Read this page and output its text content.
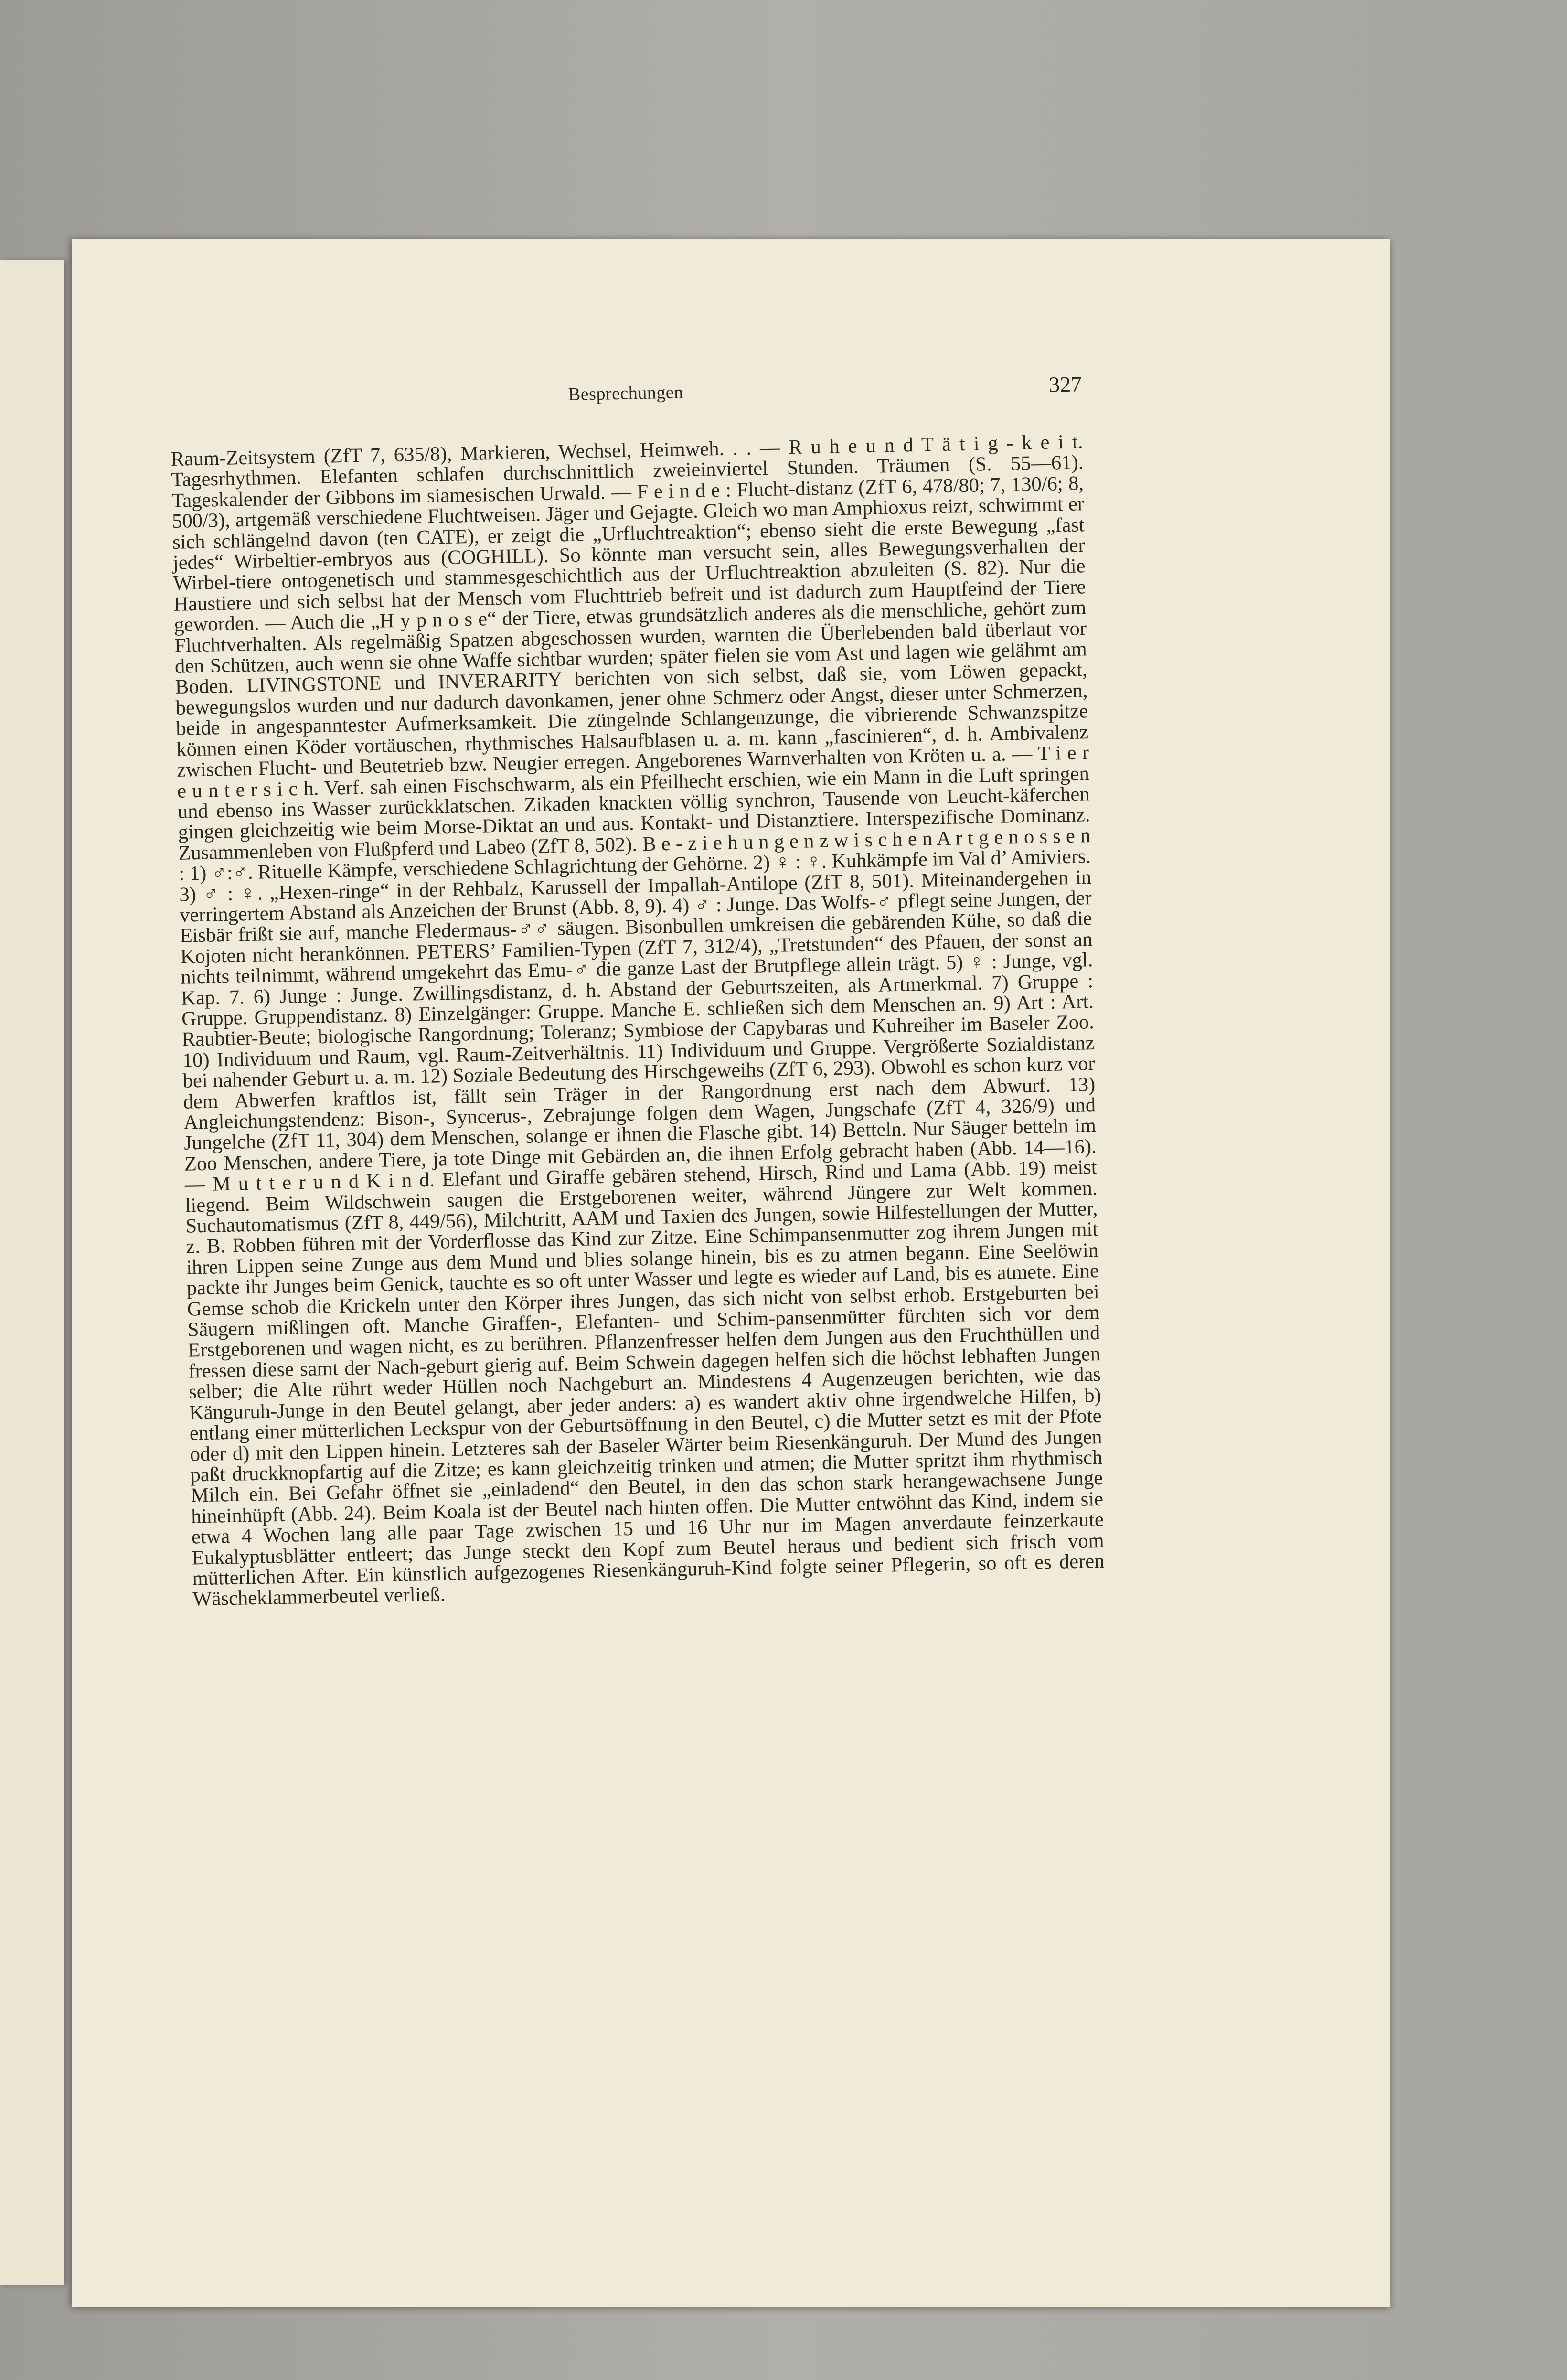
Besprechungen	327
Raum-Zeitsystem (ZfT 7, 635/8), Markieren, Wechsel, Heimweh. . . — R u h e u n d T ä t i g - k e i t. Tagesrhythmen. Elefanten schlafen durchschnittlich zweieinviertel Stunden. Träumen (S. 55—61). Tageskalender der Gibbons im siamesischen Urwald. — F e i n d e : Flucht-distanz (ZfT 6, 478/80; 7, 130/6; 8, 500/3), artgemäß verschiedene Fluchtweisen. Jäger und Gejagte. Gleich wo man Amphioxus reizt, schwimmt er sich schlängelnd davon (ten CATE), er zeigt die „Urfluchtreaktion“; ebenso sieht die erste Bewegung „fast jedes“ Wirbeltier-embryos aus (COGHILL). So könnte man versucht sein, alles Bewegungsverhalten der Wirbel-tiere ontogenetisch und stammesgeschichtlich aus der Urfluchtreaktion abzuleiten (S. 82). Nur die Haustiere und sich selbst hat der Mensch vom Fluchttrieb befreit und ist dadurch zum Hauptfeind der Tiere geworden. — Auch die „H y p n o s e“ der Tiere, etwas grundsätzlich anderes als die menschliche, gehört zum Fluchtverhalten. Als regelmäßig Spatzen abgeschossen wurden, warnten die Überlebenden bald überlaut vor den Schützen, auch wenn sie ohne Waffe sichtbar wurden; später fielen sie vom Ast und lagen wie gelähmt am Boden. LIVINGSTONE und INVERARITY berichten von sich selbst, daß sie, vom Löwen gepackt, bewegungslos wurden und nur dadurch davonkamen, jener ohne Schmerz oder Angst, dieser unter Schmerzen, beide in angespanntester Aufmerksamkeit. Die züngelnde Schlangenzunge, die vibrierende Schwanzspitze können einen Köder vortäuschen, rhythmisches Halsaufblasen u. a. m. kann „fascinieren“, d. h. Ambivalenz zwischen Flucht- und Beutetrieb bzw. Neugier erregen. Angeborenes Warnverhalten von Kröten u. a. — T i e r e u n t e r s i c h. Verf. sah einen Fischschwarm, als ein Pfeilhecht erschien, wie ein Mann in die Luft springen und ebenso ins Wasser zurückklatschen. Zikaden knackten völlig synchron, Tausende von Leucht-käferchen gingen gleichzeitig wie beim Morse-Diktat an und aus. Kontakt- und Distanztiere. Interspezifische Dominanz. Zusammenleben von Flußpferd und Labeo (ZfT 8, 502). B e - z i e h u n g e n z w i s c h e n A r t g e n o s s e n : 1) ♂:♂. Rituelle Kämpfe, verschiedene Schlagrichtung der Gehörne. 2) ♀ : ♀. Kuhkämpfe im Val d’ Amiviers. 3) ♂ : ♀. „Hexen-ringe“ in der Rehbalz, Karussell der Impallah-Antilope (ZfT 8, 501). Miteinandergehen in verringertem Abstand als Anzeichen der Brunst (Abb. 8, 9). 4) ♂ : Junge. Das Wolfs-♂ pflegt seine Jungen, der Eisbär frißt sie auf, manche Fledermaus-♂♂ säugen. Bisonbullen umkreisen die gebärenden Kühe, so daß die Kojoten nicht herankönnen. PETERS’ Familien-Typen (ZfT 7, 312/4), „Tretstunden“ des Pfauen, der sonst an nichts teilnimmt, während umgekehrt das Emu-♂ die ganze Last der Brutpflege allein trägt. 5) ♀ : Junge, vgl. Kap. 7. 6) Junge : Junge. Zwillingsdistanz, d. h. Abstand der Geburtszeiten, als Artmerkmal. 7) Gruppe : Gruppe. Gruppendistanz. 8) Einzelgänger: Gruppe. Manche E. schließen sich dem Menschen an. 9) Art : Art. Raubtier-Beute; biologische Rangordnung; Toleranz; Symbiose der Capybaras und Kuhreiher im Baseler Zoo. 10) Individuum und Raum, vgl. Raum-Zeitverhältnis. 11) Individuum und Gruppe. Vergrößerte Sozialdistanz bei nahender Geburt u. a. m. 12) Soziale Bedeutung des Hirschgeweihs (ZfT 6, 293). Obwohl es schon kurz vor dem Abwerfen kraftlos ist, fällt sein Träger in der Rangordnung erst nach dem Abwurf. 13) Angleichungstendenz: Bison-, Syncerus-, Zebrajunge folgen dem Wagen, Jungschafe (ZfT 4, 326/9) und Jungelche (ZfT 11, 304) dem Menschen, solange er ihnen die Flasche gibt. 14) Betteln. Nur Säuger betteln im Zoo Menschen, andere Tiere, ja tote Dinge mit Gebärden an, die ihnen Erfolg gebracht haben (Abb. 14—16). — M u t t e r u n d K i n d. Elefant und Giraffe gebären stehend, Hirsch, Rind und Lama (Abb. 19) meist liegend. Beim Wildschwein saugen die Erstgeborenen weiter, während Jüngere zur Welt kommen. Suchautomatismus (ZfT 8, 449/56), Milchtritt, AAM und Taxien des Jungen, sowie Hilfestellungen der Mutter, z. B. Robben führen mit der Vorderflosse das Kind zur Zitze. Eine Schimpansenmutter zog ihrem Jungen mit ihren Lippen seine Zunge aus dem Mund und blies solange hinein, bis es zu atmen begann. Eine Seelöwin packte ihr Junges beim Genick, tauchte es so oft unter Wasser und legte es wieder auf Land, bis es atmete. Eine Gemse schob die Krickeln unter den Körper ihres Jungen, das sich nicht von selbst erhob. Erstgeburten bei Säugern mißlingen oft. Manche Giraffen-, Elefanten- und Schim-pansenmütter fürchten sich vor dem Erstgeborenen und wagen nicht, es zu berühren. Pflanzenfresser helfen dem Jungen aus den Fruchthüllen und fressen diese samt der Nach-geburt gierig auf. Beim Schwein dagegen helfen sich die höchst lebhaften Jungen selber; die Alte rührt weder Hüllen noch Nachgeburt an. Mindestens 4 Augenzeugen berichten, wie das Känguruh-Junge in den Beutel gelangt, aber jeder anders: a) es wandert aktiv ohne irgendwelche Hilfen, b) entlang einer mütterlichen Leckspur von der Geburtsöffnung in den Beutel, c) die Mutter setzt es mit der Pfote oder d) mit den Lippen hinein. Letzteres sah der Baseler Wärter beim Riesenkänguruh. Der Mund des Jungen paßt druckknopfartig auf die Zitze; es kann gleichzeitig trinken und atmen; die Mutter spritzt ihm rhythmisch Milch ein. Bei Gefahr öffnet sie „einladend“ den Beutel, in den das schon stark herangewachsene Junge hineinhüpft (Abb. 24). Beim Koala ist der Beutel nach hinten offen. Die Mutter entwöhnt das Kind, indem sie etwa 4 Wochen lang alle paar Tage zwischen 15 und 16 Uhr nur im Magen anverdaute feinzerkaute Eukalyptusblätter entleert; das Junge steckt den Kopf zum Beutel heraus und bedient sich frisch vom mütterlichen After. Ein künstlich aufgezogenes Riesenkänguruh-Kind folgte seiner Pflegerin, so oft es deren Wäscheklammerbeutel verließ.
